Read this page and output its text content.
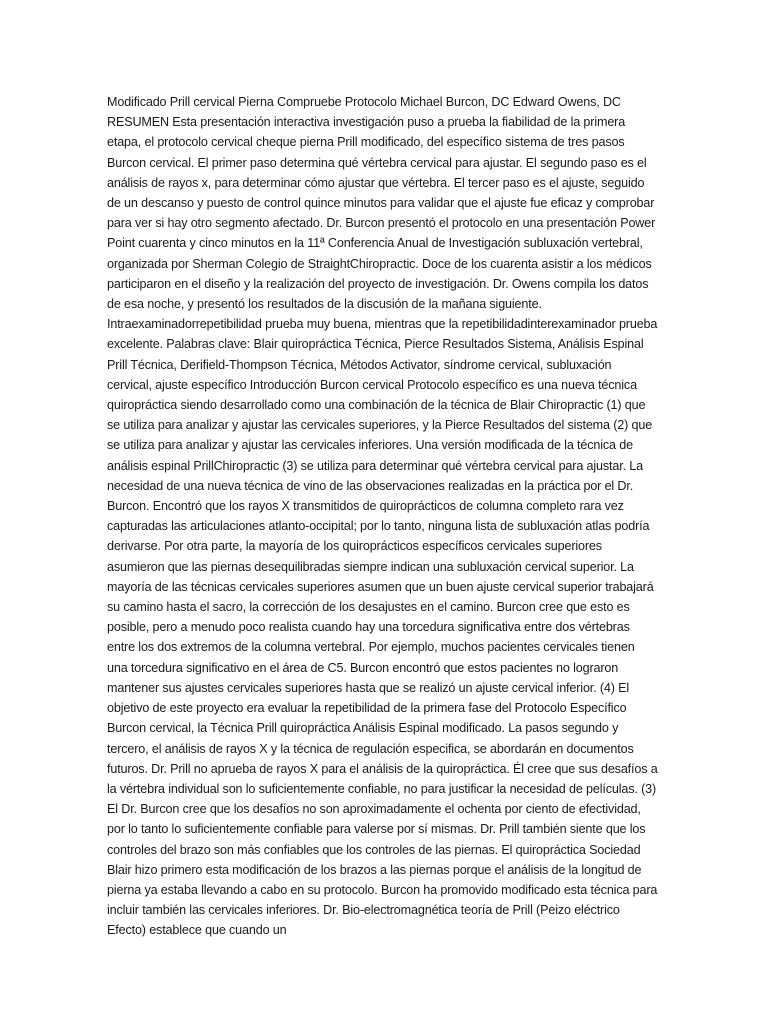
Modificado Prill cervical Pierna Compruebe Protocolo Michael Burcon, DC Edward Owens, DC RESUMEN Esta presentación interactiva investigación puso a prueba la fiabilidad de la primera etapa, el protocolo cervical cheque pierna Prill modificado, del específico sistema de tres pasos Burcon cervical. El primer paso determina qué vértebra cervical para ajustar. El segundo paso es el análisis de rayos x, para determinar cómo ajustar que vértebra. El tercer paso es el ajuste, seguido de un descanso y puesto de control quince minutos para validar que el ajuste fue eficaz y comprobar para ver si hay otro segmento afectado. Dr. Burcon presentó el protocolo en una presentación Power Point cuarenta y cinco minutos en la 11ª Conferencia Anual de Investigación subluxación vertebral, organizada por Sherman Colegio de StraightChiropractic. Doce de los cuarenta asistir a los médicos participaron en el diseño y la realización del proyecto de investigación. Dr. Owens compila los datos de esa noche, y presentó los resultados de la discusión de la mañana siguiente. Intraexaminadorrepetibilidad prueba muy buena, mientras que la repetibilidadinterexaminador prueba excelente. Palabras clave: Blair quiropráctica Técnica, Pierce Resultados Sistema, Análisis Espinal Prill Técnica, Derifield-Thompson Técnica, Métodos Activator, síndrome cervical, subluxación cervical, ajuste específico Introducción Burcon cervical Protocolo específico es una nueva técnica quiropráctica siendo desarrollado como una combinación de la técnica de Blair Chiropractic (1) que se utiliza para analizar y ajustar las cervicales superiores, y la Pierce Resultados del sistema (2) que se utiliza para analizar y ajustar las cervicales inferiores. Una versión modificada de la técnica de análisis espinal PrillChiropractic (3) se utiliza para determinar qué vértebra cervical para ajustar. La necesidad de una nueva técnica de vino de las observaciones realizadas en la práctica por el Dr. Burcon. Encontró que los rayos X transmitidos de quiroprácticos de columna completo rara vez capturadas las articulaciones atlanto-occipital; por lo tanto, ninguna lista de subluxación atlas podría derivarse. Por otra parte, la mayoría de los quiroprácticos específicos cervicales superiores asumieron que las piernas desequilibradas siempre indican una subluxación cervical superior. La mayoría de las técnicas cervicales superiores asumen que un buen ajuste cervical superior trabajará su camino hasta el sacro, la corrección de los desajustes en el camino. Burcon cree que esto es posible, pero a menudo poco realista cuando hay una torcedura significativa entre dos vértebras entre los dos extremos de la columna vertebral. Por ejemplo, muchos pacientes cervicales tienen una torcedura significativo en el área de C5. Burcon encontró que estos pacientes no lograron mantener sus ajustes cervicales superiores hasta que se realizó un ajuste cervical inferior. (4) El objetivo de este proyecto era evaluar la repetibilidad de la primera fase del Protocolo Específico Burcon cervical, la Técnica Prill quiropráctica Análisis Espinal modificado. La pasos segundo y tercero, el análisis de rayos X y la técnica de regulación especifica, se abordarán en documentos futuros. Dr. Prill no aprueba de rayos X para el análisis de la quiropráctica. Él cree que sus desafíos a la vértebra individual son lo suficientemente confiable, no para justificar la necesidad de películas. (3) El Dr. Burcon cree que los desafíos no son aproximadamente el ochenta por ciento de efectividad, por lo tanto lo suficientemente confiable para valerse por sí mismas. Dr. Prill también siente que los controles del brazo son más confiables que los controles de las piernas. El quiropráctica Sociedad Blair hizo primero esta modificación de los brazos a las piernas porque el análisis de la longitud de pierna ya estaba llevando a cabo en su protocolo. Burcon ha promovido modificado esta técnica para incluir también las cervicales inferiores. Dr. Bio-electromagnética teoría de Prill (Peizo eléctrico Efecto) establece que cuando un
